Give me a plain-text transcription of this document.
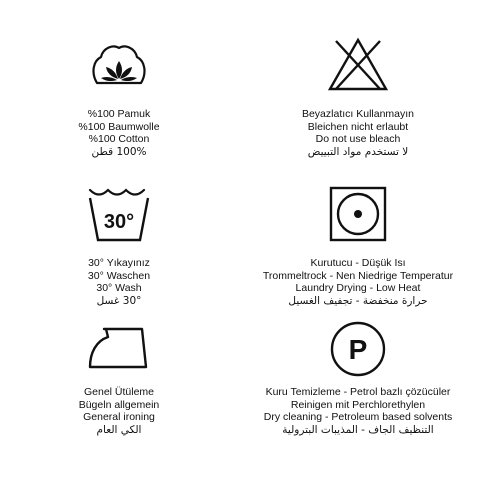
%100 Pamuk
%100 Baumwolle
%100 Cotton
100% قطن
Beyazlatıcı Kullanmayın
Bleichen nicht erlaubt
Do not use bleach
لا تستخدم مواد التبييض
30°
30° Yıkayınız
30° Waschen
30° Wash
30° غسل
Kurutucu - Düşük Isı
Trommeltrock - Nen Niedrige Temperatur
Laundry Drying - Low Heat
حرارة منخفضة - تجفيف الغسيل
Genel Ütüleme
Bügeln allgemein
General ironing
الكي العام
P
Kuru Temizleme - Petrol bazlı çözücüler
Reinigen mit Perchlorethylen
Dry cleaning - Petroleum based solvents
التنظيف الجاف - المذيبات البترولية
